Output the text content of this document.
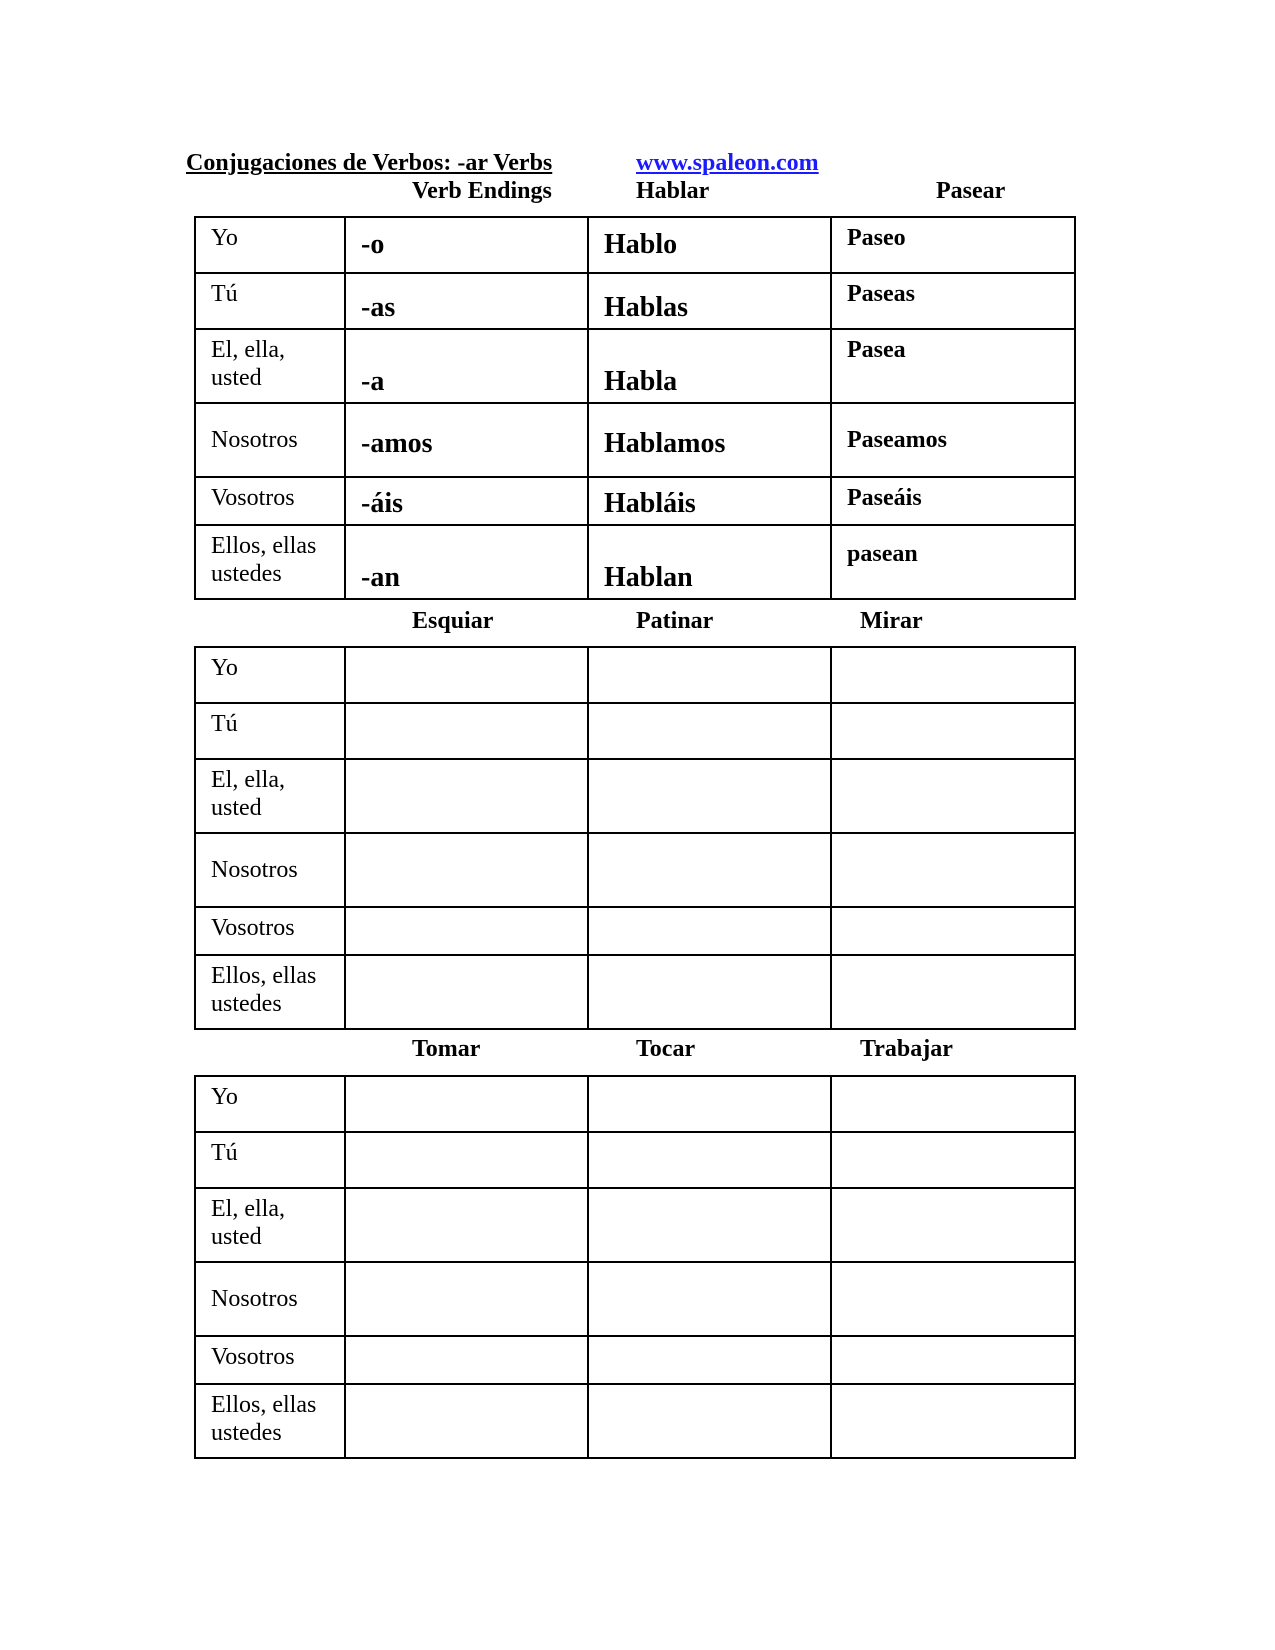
Conjugaciones de Verbos: -ar Verbs	www.spaleon.com
Verb Endings	Hablar	Pasear
Yo	-o	Hablo	Paseo

Tú	-as	Hablas	Paseas

El, ella, usted	-a	Habla	Pasea

Nosotros	-amos	Hablamos	Paseamos

Vosotros	-áis	Habláis	Paseáis

Ellos, ellas ustedes	-an	Hablan	pasean
Esquiar	Patinar	Mirar
Yo			

Tú			

El, ella, usted			

Nosotros			

Vosotros			

Ellos, ellas ustedes			

Tomar	Tocar	Trabajar
Yo			

Tú			

El, ella, usted			

Nosotros			

Vosotros			

Ellos, ellas ustedes			
